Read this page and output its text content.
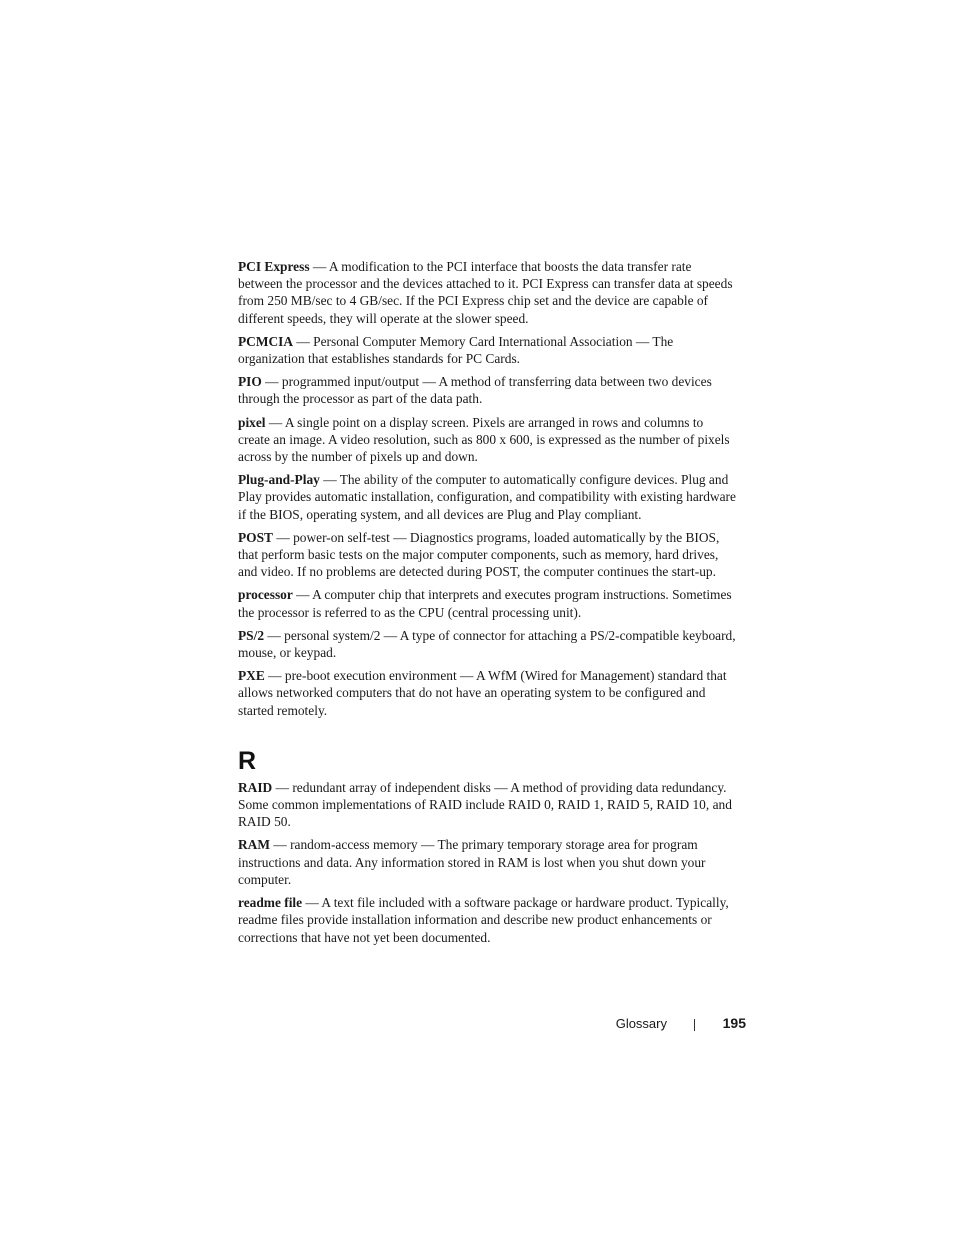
PCI Express — A modification to the PCI interface that boosts the data transfer rate between the processor and the devices attached to it. PCI Express can transfer data at speeds from 250 MB/sec to 4 GB/sec. If the PCI Express chip set and the device are capable of different speeds, they will operate at the slower speed.

PCMCIA — Personal Computer Memory Card International Association — The organization that establishes standards for PC Cards.

PIO — programmed input/output — A method of transferring data between two devices through the processor as part of the data path.

pixel — A single point on a display screen. Pixels are arranged in rows and columns to create an image. A video resolution, such as 800 x 600, is expressed as the number of pixels across by the number of pixels up and down.

Plug-and-Play — The ability of the computer to automatically configure devices. Plug and Play provides automatic installation, configuration, and compatibility with existing hardware if the BIOS, operating system, and all devices are Plug and Play compliant.

POST — power-on self-test — Diagnostics programs, loaded automatically by the BIOS, that perform basic tests on the major computer components, such as memory, hard drives, and video. If no problems are detected during POST, the computer continues the start-up.

processor — A computer chip that interprets and executes program instructions. Sometimes the processor is referred to as the CPU (central processing unit).

PS/2 — personal system/2 — A type of connector for attaching a PS/2-compatible keyboard, mouse, or keypad.

PXE — pre-boot execution environment — A WfM (Wired for Management) standard that allows networked computers that do not have an operating system to be configured and started remotely.

R

RAID — redundant array of independent disks — A method of providing data redundancy. Some common implementations of RAID include RAID 0, RAID 1, RAID 5, RAID 10, and RAID 50.

RAM — random-access memory — The primary temporary storage area for program instructions and data. Any information stored in RAM is lost when you shut down your computer.

readme file — A text file included with a software package or hardware product. Typically, readme files provide installation information and describe new product enhancements or corrections that have not yet been documented.

Glossary	195
